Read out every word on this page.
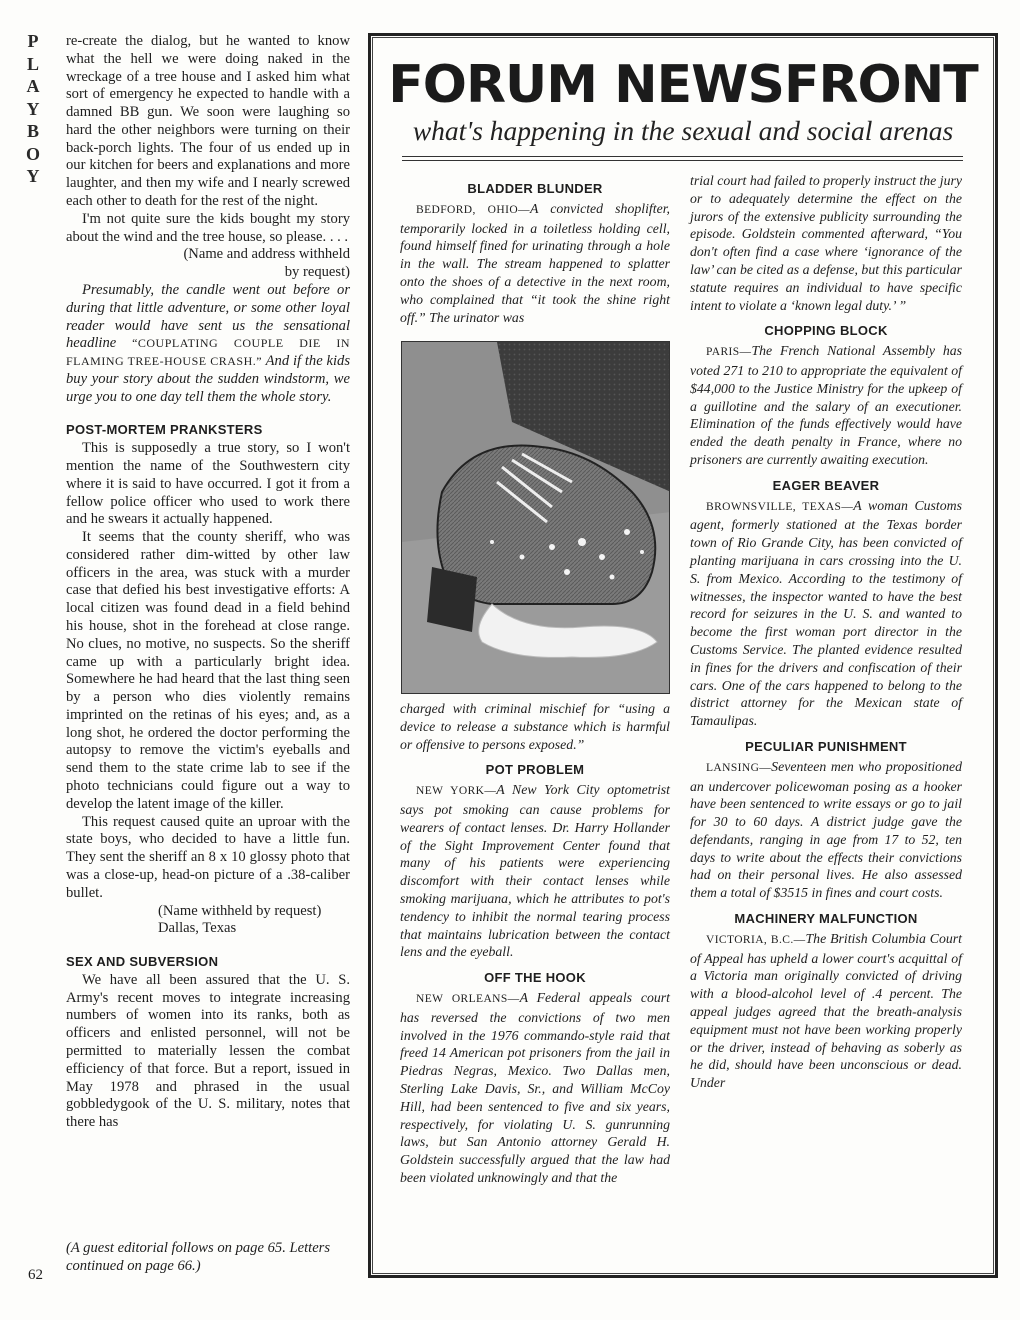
PLAYBOY
62

re-create the dialog, but he wanted to know what the hell we were doing naked in the wreckage of a tree house and I asked him what sort of emergency he expected to handle with a damned BB gun. We soon were laughing so hard the other neighbors were turning on their back-porch lights. The four of us ended up in our kitchen for beers and explanations and more laughter, and then my wife and I nearly screwed each other to death for the rest of the night.

I'm not quite sure the kids bought my story about the wind and the tree house, so please. . . .

(Name and address withheld by request)

Presumably, the candle went out before or during that little adventure, or some other loyal reader would have sent us the sensational headline “COUPLATING COUPLE DIE IN FLAMING TREE-HOUSE CRASH.” And if the kids buy your story about the sudden windstorm, we urge you to one day tell them the whole story.

POST-MORTEM PRANKSTERS

This is supposedly a true story, so I won't mention the name of the Southwestern city where it is said to have occurred. I got it from a fellow police officer who used to work there and he swears it actually happened.

It seems that the county sheriff, who was considered rather dim-witted by other law officers in the area, was stuck with a murder case that defied his best investigative efforts: A local citizen was found dead in a field behind his house, shot in the forehead at close range. No clues, no motive, no suspects. So the sheriff came up with a particularly bright idea. Somewhere he had heard that the last thing seen by a person who dies violently remains imprinted on the retinas of his eyes; and, as a long shot, he ordered the doctor performing the autopsy to remove the victim's eyeballs and send them to the state crime lab to see if the photo technicians could figure out a way to develop the latent image of the killer.

This request caused quite an uproar with the state boys, who decided to have a little fun. They sent the sheriff an 8 x 10 glossy photo that was a close-up, head-on picture of a .38-caliber bullet.

(Name withheld by request)

Dallas, Texas

SEX AND SUBVERSION

We have all been assured that the U. S. Army's recent moves to integrate increasing numbers of women into its ranks, both as officers and enlisted personnel, will not be permitted to materially lessen the combat efficiency of that force. But a report, issued in May 1978 and phrased in the usual gobbledygook of the U. S. military, notes that there has

(A guest editorial follows on page 65. Letters continued on page 66.)
FORUM NEWSFRONT
what's happening in the sexual and social arenas

BLADDER BLUNDER

BEDFORD, OHIO—A convicted shoplifter, temporarily locked in a toiletless holding cell, found himself fined for urinating through a hole in the wall. The stream happened to splatter onto the shoes of a detective in the next room, who complained that “it took the shine right off.” The urinator was

charged with criminal mischief for “using a device to release a substance which is harmful or offensive to persons exposed.”

POT PROBLEM

NEW YORK—A New York City optometrist says pot smoking can cause problems for wearers of contact lenses. Dr. Harry Hollander of the Sight Improvement Center found that many of his patients were experiencing discomfort with their contact lenses while smoking marijuana, which he attributes to pot's tendency to inhibit the normal tearing process that maintains lubrication between the contact lens and the eyeball.

OFF THE HOOK

NEW ORLEANS—A Federal appeals court has reversed the convictions of two men involved in the 1976 commando-style raid that freed 14 American pot prisoners from the jail in Piedras Negras, Mexico. Two Dallas men, Sterling Lake Davis, Sr., and William McCoy Hill, had been sentenced to five and six years, respectively, for violating U. S. gunrunning laws, but San Antonio attorney Gerald H. Goldstein successfully argued that the law had been violated unknowingly and that the

trial court had failed to properly instruct the jury or to adequately determine the effect on the jurors of the extensive publicity surrounding the episode. Goldstein commented afterward, “You don't often find a case where ‘ignorance of the law’ can be cited as a defense, but this particular statute requires an individual to have specific intent to violate a ‘known legal duty.’ ”

CHOPPING BLOCK

PARIS—The French National Assembly has voted 271 to 210 to appropriate the equivalent of $44,000 to the Justice Ministry for the upkeep of a guillotine and the salary of an executioner. Elimination of the funds effectively would have ended the death penalty in France, where no prisoners are currently awaiting execution.

EAGER BEAVER

BROWNSVILLE, TEXAS—A woman Customs agent, formerly stationed at the Texas border town of Rio Grande City, has been convicted of planting marijuana in cars crossing into the U. S. from Mexico. According to the testimony of witnesses, the inspector wanted to have the best record for seizures in the U. S. and wanted to become the first woman port director in the Customs Service. The planted evidence resulted in fines for the drivers and confiscation of their cars. One of the cars happened to belong to the district attorney for the Mexican state of Tamaulipas.

PECULIAR PUNISHMENT

LANSING—Seventeen men who propositioned an undercover policewoman posing as a hooker have been sentenced to write essays or go to jail for 30 to 60 days. A district judge gave the defendants, ranging in age from 17 to 52, ten days to write about the effects their convictions had on their personal lives. He also assessed them a total of $3515 in fines and court costs.

MACHINERY MALFUNCTION

VICTORIA, B.C.—The British Columbia Court of Appeal has upheld a lower court's acquittal of a Victoria man originally convicted of driving with a blood-alcohol level of .4 percent. The appeal judges agreed that the breath-analysis equipment must not have been working properly or the driver, instead of behaving as soberly as he did, should have been unconscious or dead. Under
